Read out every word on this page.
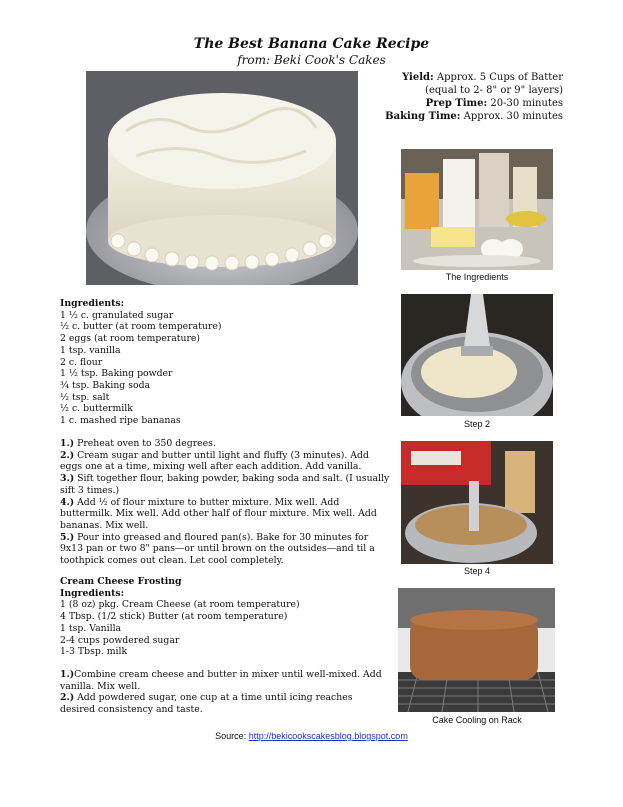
The Best Banana Cake Recipe
from: Beki Cook's Cakes
Yield: Approx. 5 Cups of Batter
(equal to 2- 8" or 9" layers)
Prep Time: 20-30 minutes
Baking Time: Approx. 30 minutes
The Ingredients
Step 2
Step 4
Cake Cooling on Rack
Ingredients:
1 ½ c. granulated sugar
½ c. butter (at room temperature)
2 eggs (at room temperature)
1 tsp. vanilla
2 c. flour
1 ½ tsp. Baking powder
¾ tsp. Baking soda
½ tsp. salt
½ c. buttermilk
1 c. mashed ripe bananas
1.) Preheat oven to 350 degrees.
2.) Cream sugar and butter until light and fluffy (3 minutes). Add eggs one at a time, mixing well after each addition. Add vanilla.
3.) Sift together flour, baking powder, baking soda and salt. (I usually sift 3 times.)
4.) Add ½ of flour mixture to butter mixture. Mix well. Add buttermilk. Mix well. Add other half of flour mixture. Mix well. Add bananas. Mix well.
5.) Pour into greased and floured pan(s). Bake for 30 minutes for 9x13 pan or two 8" pans—or until brown on the outsides—and til a toothpick comes out clean. Let cool completely.
Cream Cheese Frosting
Ingredients:
1 (8 oz) pkg. Cream Cheese (at room temperature)
4 Tbsp. (1/2 stick) Butter (at room temperature)
1 tsp. Vanilla
2-4 cups powdered sugar
1-3 Tbsp. milk
1.)Combine cream cheese and butter in mixer until well-mixed. Add vanilla. Mix well.
2.) Add powdered sugar, one cup at a time until icing reaches desired consistency and taste.
Source: http://bekicookscakesblog.blogspot.com
